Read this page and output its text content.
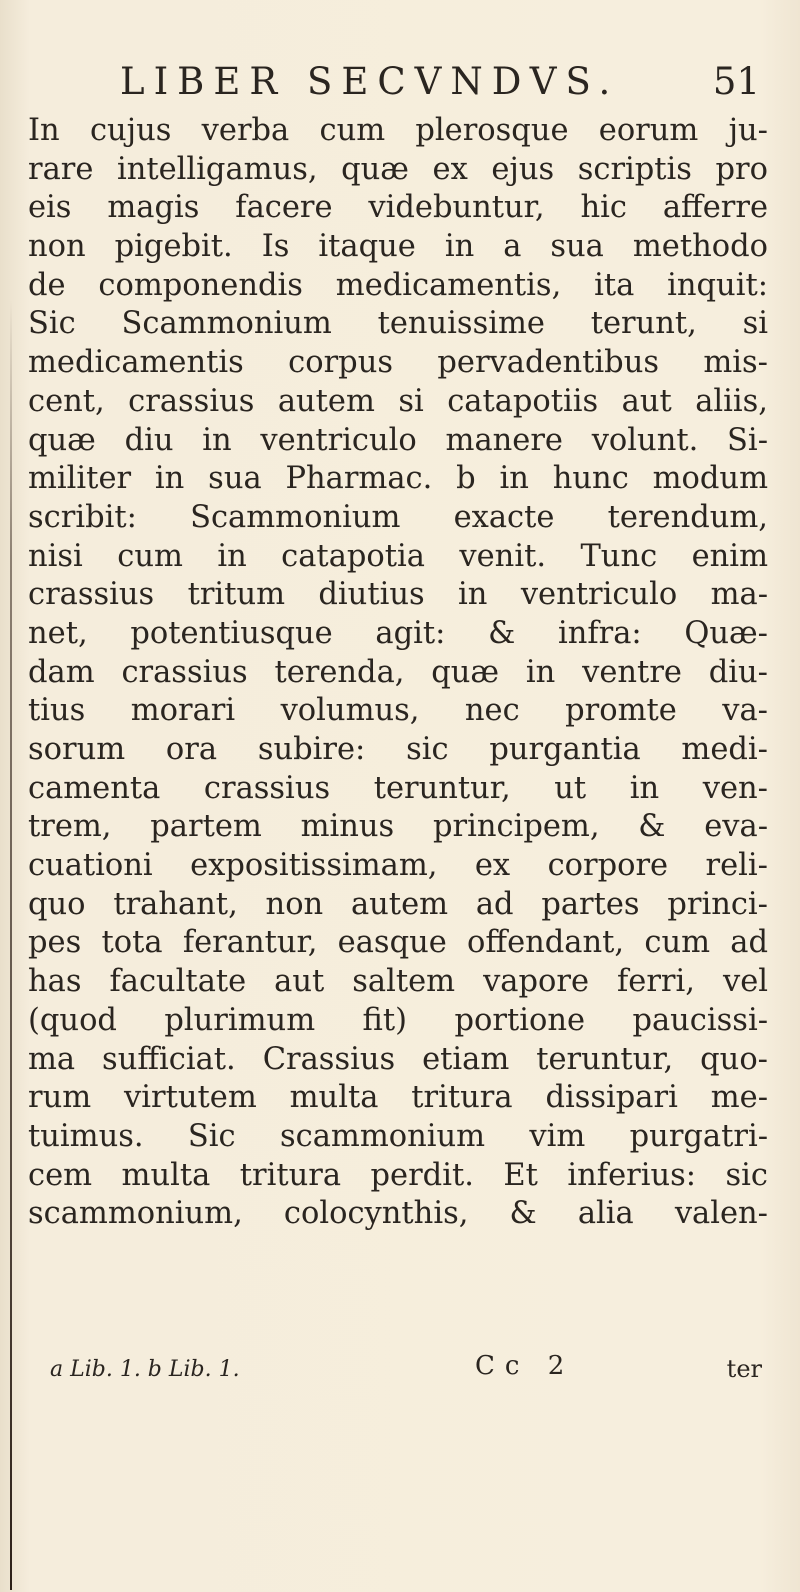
LIBER SECVNDVS.	51
In cujus verba cum plerosque eorum ju-
rare intelligamus, quæ ex ejus scriptis pro
eis magis facere videbuntur, hic afferre
non pigebit. Is itaque in a sua methodo
de componendis medicamentis, ita inquit:
Sic Scammonium tenuissime terunt, si
medicamentis corpus pervadentibus mis-
cent, crassius autem si catapotiis aut aliis,
quæ diu in ventriculo manere volunt. Si-
militer in sua Pharmac. b in hunc modum
scribit: Scammonium exacte terendum,
nisi cum in catapotia venit. Tunc enim
crassius tritum diutius in ventriculo ma-
net, potentiusque agit: & infra: Quæ-
dam crassius terenda, quæ in ventre diu-
tius morari volumus, nec promte va-
sorum ora subire: sic purgantia medi-
camenta crassius teruntur, ut in ven-
trem, partem minus principem, & eva-
cuationi expositissimam, ex corpore reli-
quo trahant, non autem ad partes princi-
pes tota ferantur, easque offendant, cum ad
has facultate aut saltem vapore ferri, vel
(quod plurimum fit) portione paucissi-
ma sufficiat. Crassius etiam teruntur, quo-
rum virtutem multa tritura dissipari me-
tuimus. Sic scammonium vim purgatri-
cem multa tritura perdit. Et inferius: sic
scammonium, colocynthis, & alia valen-
a Lib. 1. b Lib. 1.	Cc 2	ter
